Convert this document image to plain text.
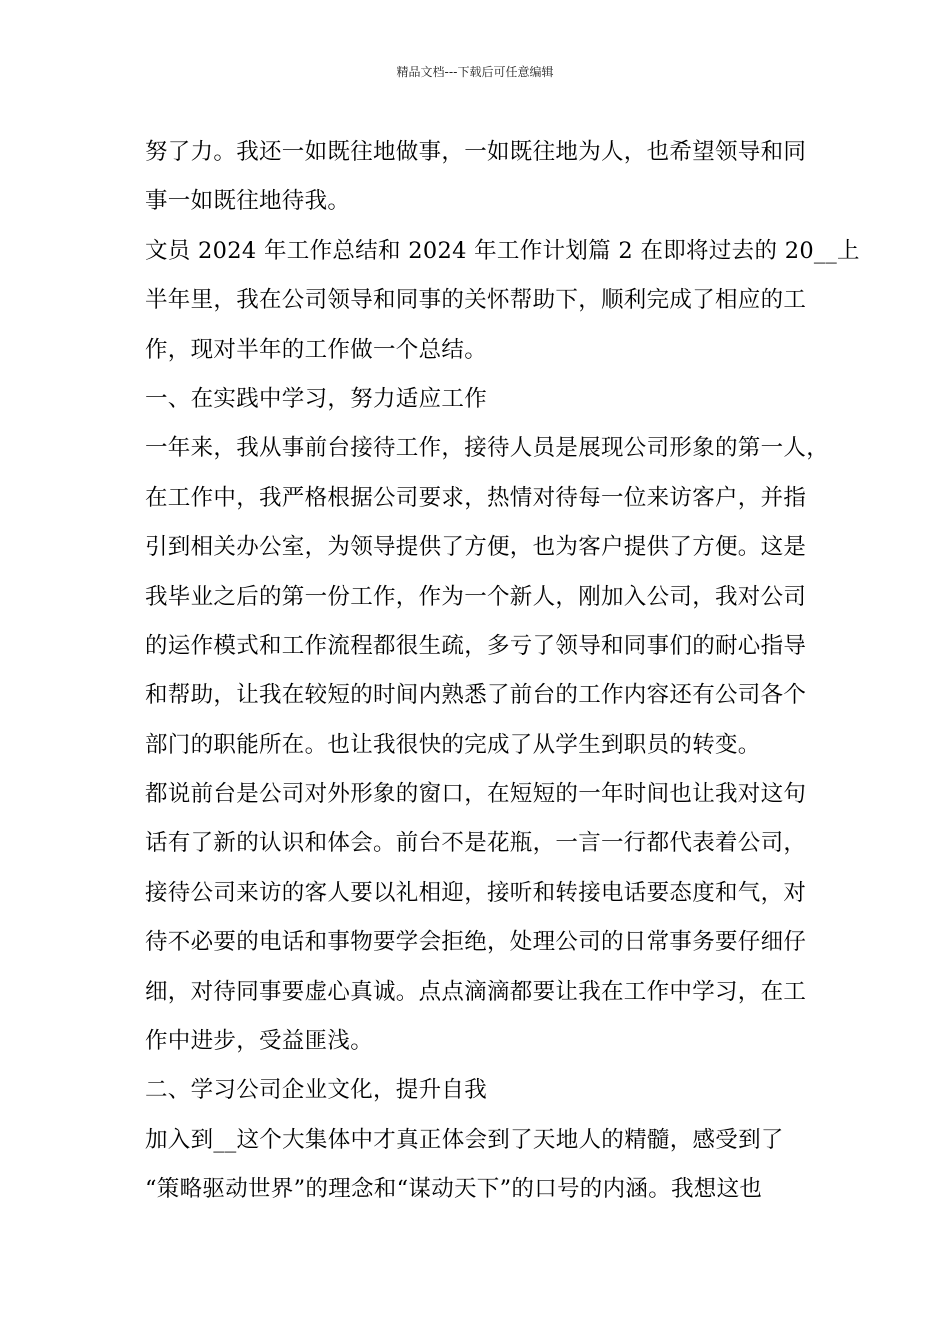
精品文档---下载后可任意编辑
努了力。我还一如既往地做事，一如既往地为人，也希望领导和同
事一如既往地待我。
文员 2024 年工作总结和 2024 年工作计划篇 2 在即将过去的 20__上
半年里，我在公司领导和同事的关怀帮助下，顺利完成了相应的工
作，现对半年的工作做一个总结。
一、在实践中学习，努力适应工作
一年来，我从事前台接待工作，接待人员是展现公司形象的第一人，
在工作中，我严格根据公司要求，热情对待每一位来访客户，并指
引到相关办公室，为领导提供了方便，也为客户提供了方便。这是
我毕业之后的第一份工作，作为一个新人，刚加入公司，我对公司
的运作模式和工作流程都很生疏，多亏了领导和同事们的耐心指导
和帮助，让我在较短的时间内熟悉了前台的工作内容还有公司各个
部门的职能所在。也让我很快的完成了从学生到职员的转变。
都说前台是公司对外形象的窗口，在短短的一年时间也让我对这句
话有了新的认识和体会。前台不是花瓶，一言一行都代表着公司，
接待公司来访的客人要以礼相迎，接听和转接电话要态度和气，对
待不必要的电话和事物要学会拒绝，处理公司的日常事务要仔细仔
细，对待同事要虚心真诚。点点滴滴都要让我在工作中学习，在工
作中进步，受益匪浅。
二、学习公司企业文化，提升自我
加入到__这个大集体中才真正体会到了天地人的精髓，感受到了
“策略驱动世界”的理念和“谋动天下”的口号的内涵。我想这也
